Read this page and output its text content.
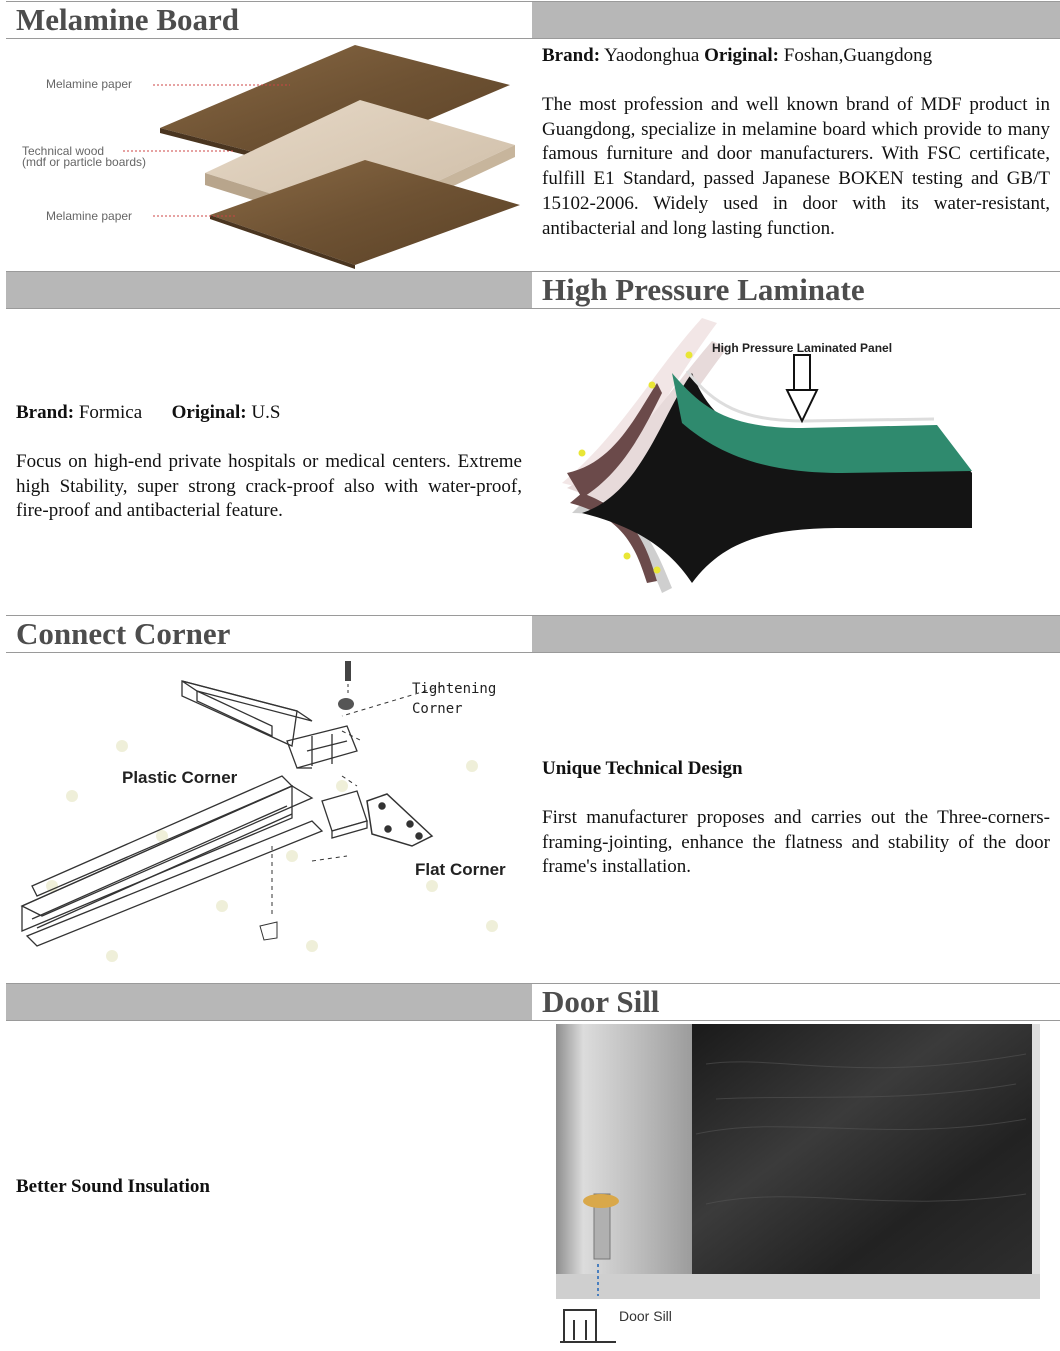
Melamine Board
Melamine paper
Technical wood
(mdf or particle boards)
Melamine paper
Brand: Yaodonghua Original: Foshan,Guangdong
The most profession and well known brand of MDF product in Guangdong, specialize in melamine board which provide to many famous furniture and door manufacturers. With FSC certificate, fulfill E1 Standard, passed Japanese BOKEN testing and GB/T 15102-2006. Widely used in door with its water-resistant, antibacterial and long lasting function.
High Pressure Laminate
Brand: Formica Original: U.S
Focus on high-end private hospitals or medical centers. Extreme high Stability, super strong crack-proof also with water-proof, fire-proof and antibacterial feature.
High Pressure Laminated Panel
Connect Corner
Tightening
Corner
Plastic Corner
Flat Corner
Unique Technical Design
First manufacturer proposes and carries out the Three-corners-framing-jointing, enhance the flatness and stability of the door frame's installation.
Door Sill
Better Sound Insulation
Door Sill
